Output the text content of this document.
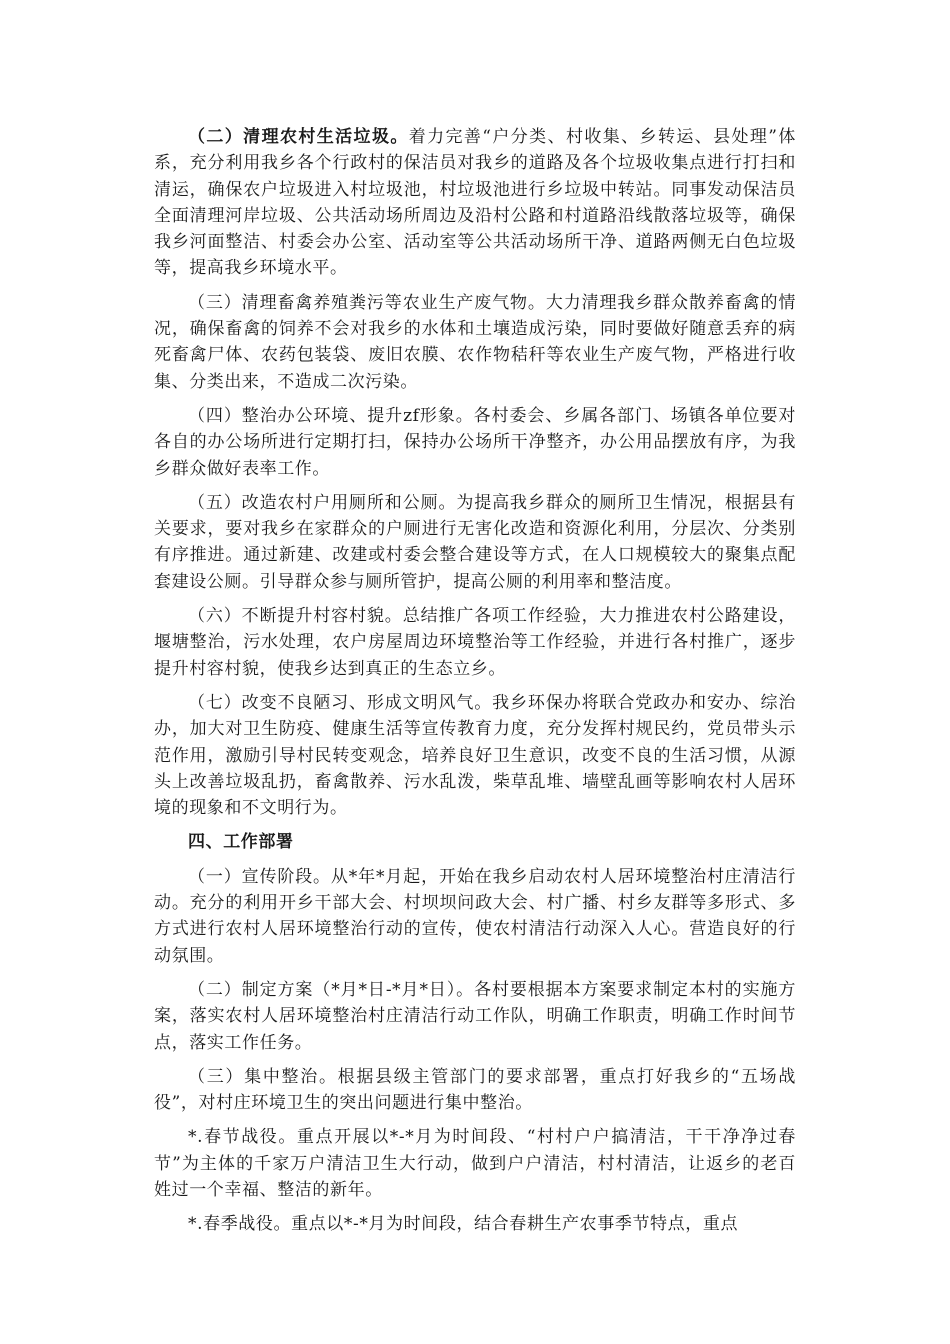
（二）清理农村生活垃圾。着力完善“户分类、村收集、乡转运、县处理”体系，充分利用我乡各个行政村的保洁员对我乡的道路及各个垃圾收集点进行打扫和清运，确保农户垃圾进入村垃圾池，村垃圾池进行乡垃圾中转站。同事发动保洁员全面清理河岸垃圾、公共活动场所周边及沿村公路和村道路沿线散落垃圾等，确保我乡河面整洁、村委会办公室、活动室等公共活动场所干净、道路两侧无白色垃圾等，提高我乡环境水平。

（三）清理畜禽养殖粪污等农业生产废气物。大力清理我乡群众散养畜禽的情况，确保畜禽的饲养不会对我乡的水体和土壤造成污染，同时要做好随意丢弃的病死畜禽尸体、农药包装袋、废旧农膜、农作物秸秆等农业生产废气物，严格进行收集、分类出来，不造成二次污染。

（四）整治办公环境、提升zf形象。各村委会、乡属各部门、场镇各单位要对各自的办公场所进行定期打扫，保持办公场所干净整齐，办公用品摆放有序，为我乡群众做好表率工作。

（五）改造农村户用厕所和公厕。为提高我乡群众的厕所卫生情况，根据县有关要求，要对我乡在家群众的户厕进行无害化改造和资源化利用，分层次、分类别有序推进。通过新建、改建或村委会整合建设等方式，在人口规模较大的聚集点配套建设公厕。引导群众参与厕所管护，提高公厕的利用率和整洁度。

（六）不断提升村容村貌。总结推广各项工作经验，大力推进农村公路建设，堰塘整治，污水处理，农户房屋周边环境整治等工作经验，并进行各村推广，逐步提升村容村貌，使我乡达到真正的生态立乡。

（七）改变不良陋习、形成文明风气。我乡环保办将联合党政办和安办、综治办，加大对卫生防疫、健康生活等宣传教育力度，充分发挥村规民约，党员带头示范作用，激励引导村民转变观念，培养良好卫生意识，改变不良的生活习惯，从源头上改善垃圾乱扔，畜禽散养、污水乱泼，柴草乱堆、墙壁乱画等影响农村人居环境的现象和不文明行为。

四、工作部署

（一）宣传阶段。从*年*月起，开始在我乡启动农村人居环境整治村庄清洁行动。充分的利用开乡干部大会、村坝坝问政大会、村广播、村乡友群等多形式、多方式进行农村人居环境整治行动的宣传，使农村清洁行动深入人心。营造良好的行动氛围。

（二）制定方案（*月*日-*月*日）。各村要根据本方案要求制定本村的实施方案，落实农村人居环境整治村庄清洁行动工作队，明确工作职责，明确工作时间节点，落实工作任务。

（三）集中整治。根据县级主管部门的要求部署，重点打好我乡的“五场战役”，对村庄环境卫生的突出问题进行集中整治。

*.春节战役。重点开展以*-*月为时间段、“村村户户搞清洁，干干净净过春节”为主体的千家万户清洁卫生大行动，做到户户清洁，村村清洁，让返乡的老百姓过一个幸福、整洁的新年。

*.春季战役。重点以*-*月为时间段，结合春耕生产农事季节特点，重点
